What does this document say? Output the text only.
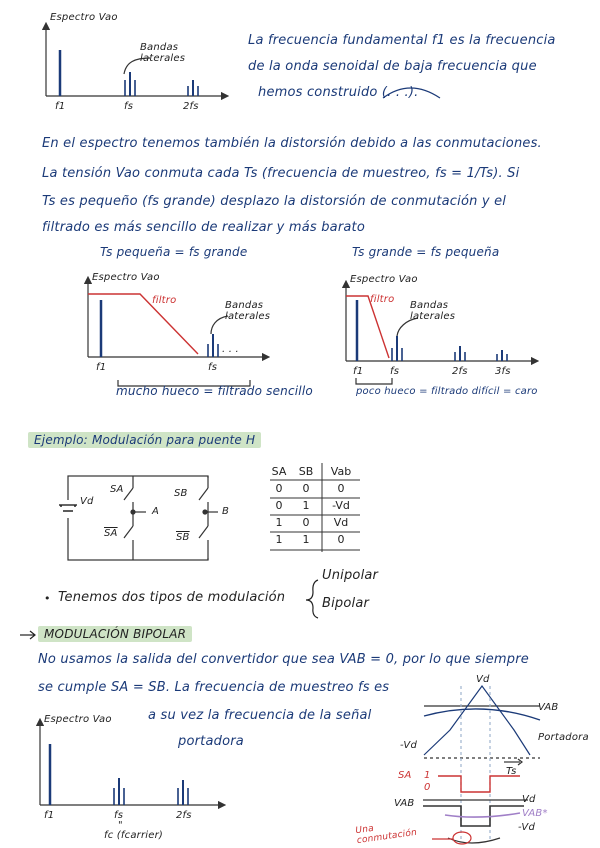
Espectro Vao
Bandas
laterales
f1	fs	2fs
La frecuencia fundamental f1 es la frecuencia
de la onda senoidal de baja frecuencia que
hemos construido (. . .).
En el espectro tenemos también la distorsión debido a las conmutaciones.
La tensión Vao conmuta cada Ts (frecuencia de muestreo, fs = 1/Ts). Si
Ts es pequeño (fs grande) desplazo la distorsión de conmutación y el
filtrado es más sencillo de realizar y más barato
Ts pequeña = fs grande
Espectro Vao
filtro	Bandas
laterales
f1	fs
. . .
mucho hueco = filtrado sencillo
Ts grande = fs pequeña
Espectro Vao
filtro
Bandas
laterales
f1	fs	2fs	3fs
poco hueco = filtrado difícil = caro
Ejemplo: Modulación para puente H
Vd
SA
$\overline{SA}$
SB
$\overline{SB}$
A	B
SA	SB	Vab
0	0	0
0	1	-Vd
1	0	Vd
1	1	0
• Tenemos dos tipos de modulación
Unipolar
Bipolar
MODULACIÓN BIPOLAR
No usamos la salida del convertidor que sea VAB = 0, por lo que siempre
se cumple SA = SB. La frecuencia de muestreo fs es
a su vez la frecuencia de la señal
portadora
Espectro Vao
f1	fs	2fs
"
fc (fcarrier)
Vd
-Vd
VAB
Portadora
Ts
SA 1
0
VAB	Vd
VAB*
-Vd
Una
conmutación
